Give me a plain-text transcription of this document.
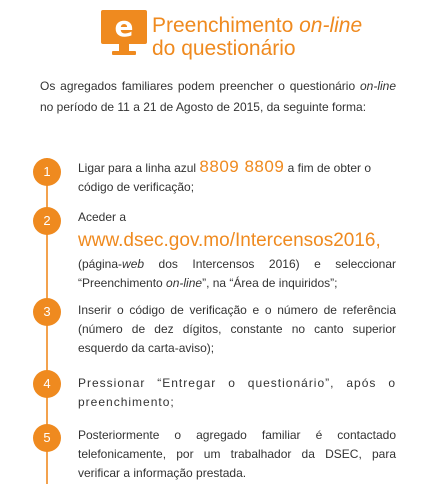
e Preenchimento on-line
do questionário
Os agregados familiares podem preencher o questionário on-line no período de 11 a 21 de Agosto de 2015, da seguinte forma:
1	Ligar para a linha azul 8809 8809 a fim de obter o código de verificação;
2	Aceder a
www.dsec.gov.mo/Intercensos2016,
(página-web dos Intercensos 2016) e seleccionar “Preenchimento on-line”, na “Área de inquiridos”;
3	Inserir o código de verificação e o número de referência (número de dez dígitos, constante no canto superior esquerdo da carta-aviso);
4	Pressionar “Entregar o questionário”, após o preenchimento;
5	Posteriormente o agregado familiar é contactado telefonicamente, por um trabalhador da DSEC, para verificar a informação prestada.
